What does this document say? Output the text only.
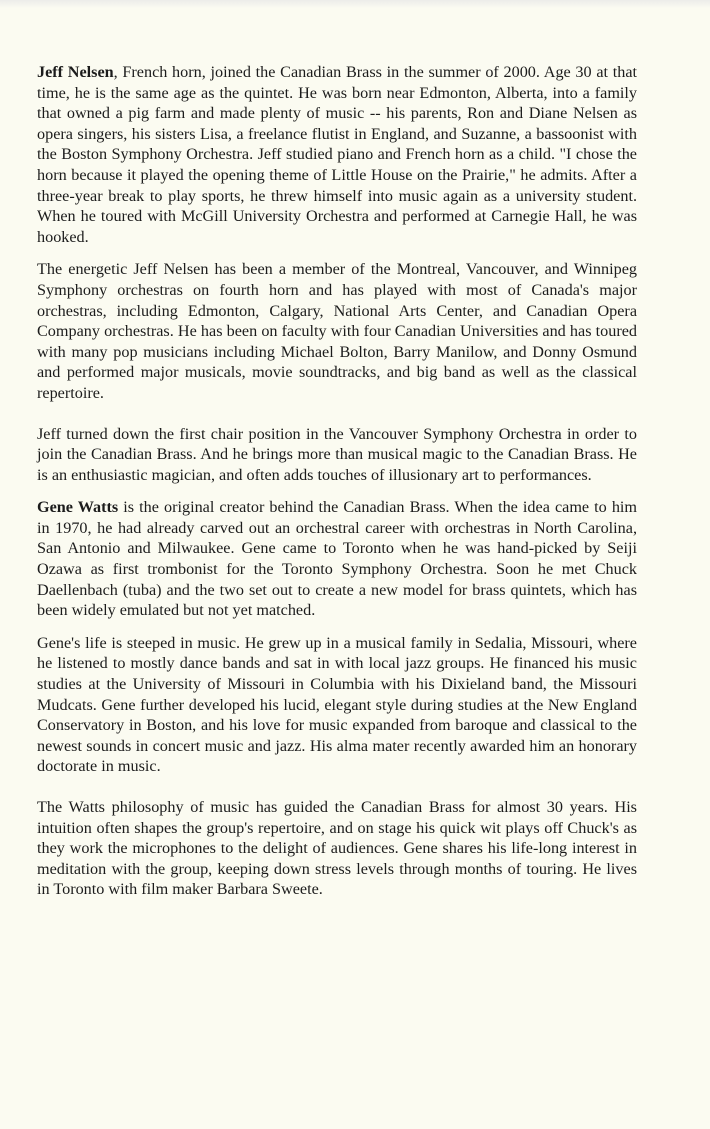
Jeff Nelsen, French horn, joined the Canadian Brass in the summer of 2000. Age 30 at that time, he is the same age as the quintet. He was born near Edmonton, Alberta, into a family that owned a pig farm and made plenty of music -- his parents, Ron and Diane Nelsen as opera singers, his sisters Lisa, a freelance flutist in England, and Suzanne, a bassoonist with the Boston Symphony Orchestra. Jeff studied piano and French horn as a child. "I chose the horn because it played the opening theme of Little House on the Prairie," he admits. After a three-year break to play sports, he threw himself into music again as a university student. When he toured with McGill University Orchestra and performed at Carnegie Hall, he was hooked.

The energetic Jeff Nelsen has been a member of the Montreal, Vancouver, and Winnipeg Symphony orchestras on fourth horn and has played with most of Canada's major orchestras, including Edmonton, Calgary, National Arts Center, and Canadian Opera Company orchestras. He has been on faculty with four Canadian Universities and has toured with many pop musicians including Michael Bolton, Barry Manilow, and Donny Osmund and performed major musicals, movie soundtracks, and big band as well as the classical repertoire.

Jeff turned down the first chair position in the Vancouver Symphony Orchestra in order to join the Canadian Brass. And he brings more than musical magic to the Canadian Brass. He is an enthusiastic magician, and often adds touches of illusionary art to performances.

Gene Watts is the original creator behind the Canadian Brass. When the idea came to him in 1970, he had already carved out an orchestral career with orchestras in North Carolina, San Antonio and Milwaukee. Gene came to Toronto when he was hand-picked by Seiji Ozawa as first trombonist for the Toronto Symphony Orchestra. Soon he met Chuck Daellenbach (tuba) and the two set out to create a new model for brass quintets, which has been widely emulated but not yet matched.

Gene's life is steeped in music. He grew up in a musical family in Sedalia, Missouri, where he listened to mostly dance bands and sat in with local jazz groups. He financed his music studies at the University of Missouri in Columbia with his Dixieland band, the Missouri Mudcats. Gene further developed his lucid, elegant style during studies at the New England Conservatory in Boston, and his love for music expanded from baroque and classical to the newest sounds in concert music and jazz. His alma mater recently awarded him an honorary doctorate in music.

The Watts philosophy of music has guided the Canadian Brass for almost 30 years. His intuition often shapes the group's repertoire, and on stage his quick wit plays off Chuck's as they work the microphones to the delight of audiences. Gene shares his life-long interest in meditation with the group, keeping down stress levels through months of touring. He lives in Toronto with film maker Barbara Sweete.
